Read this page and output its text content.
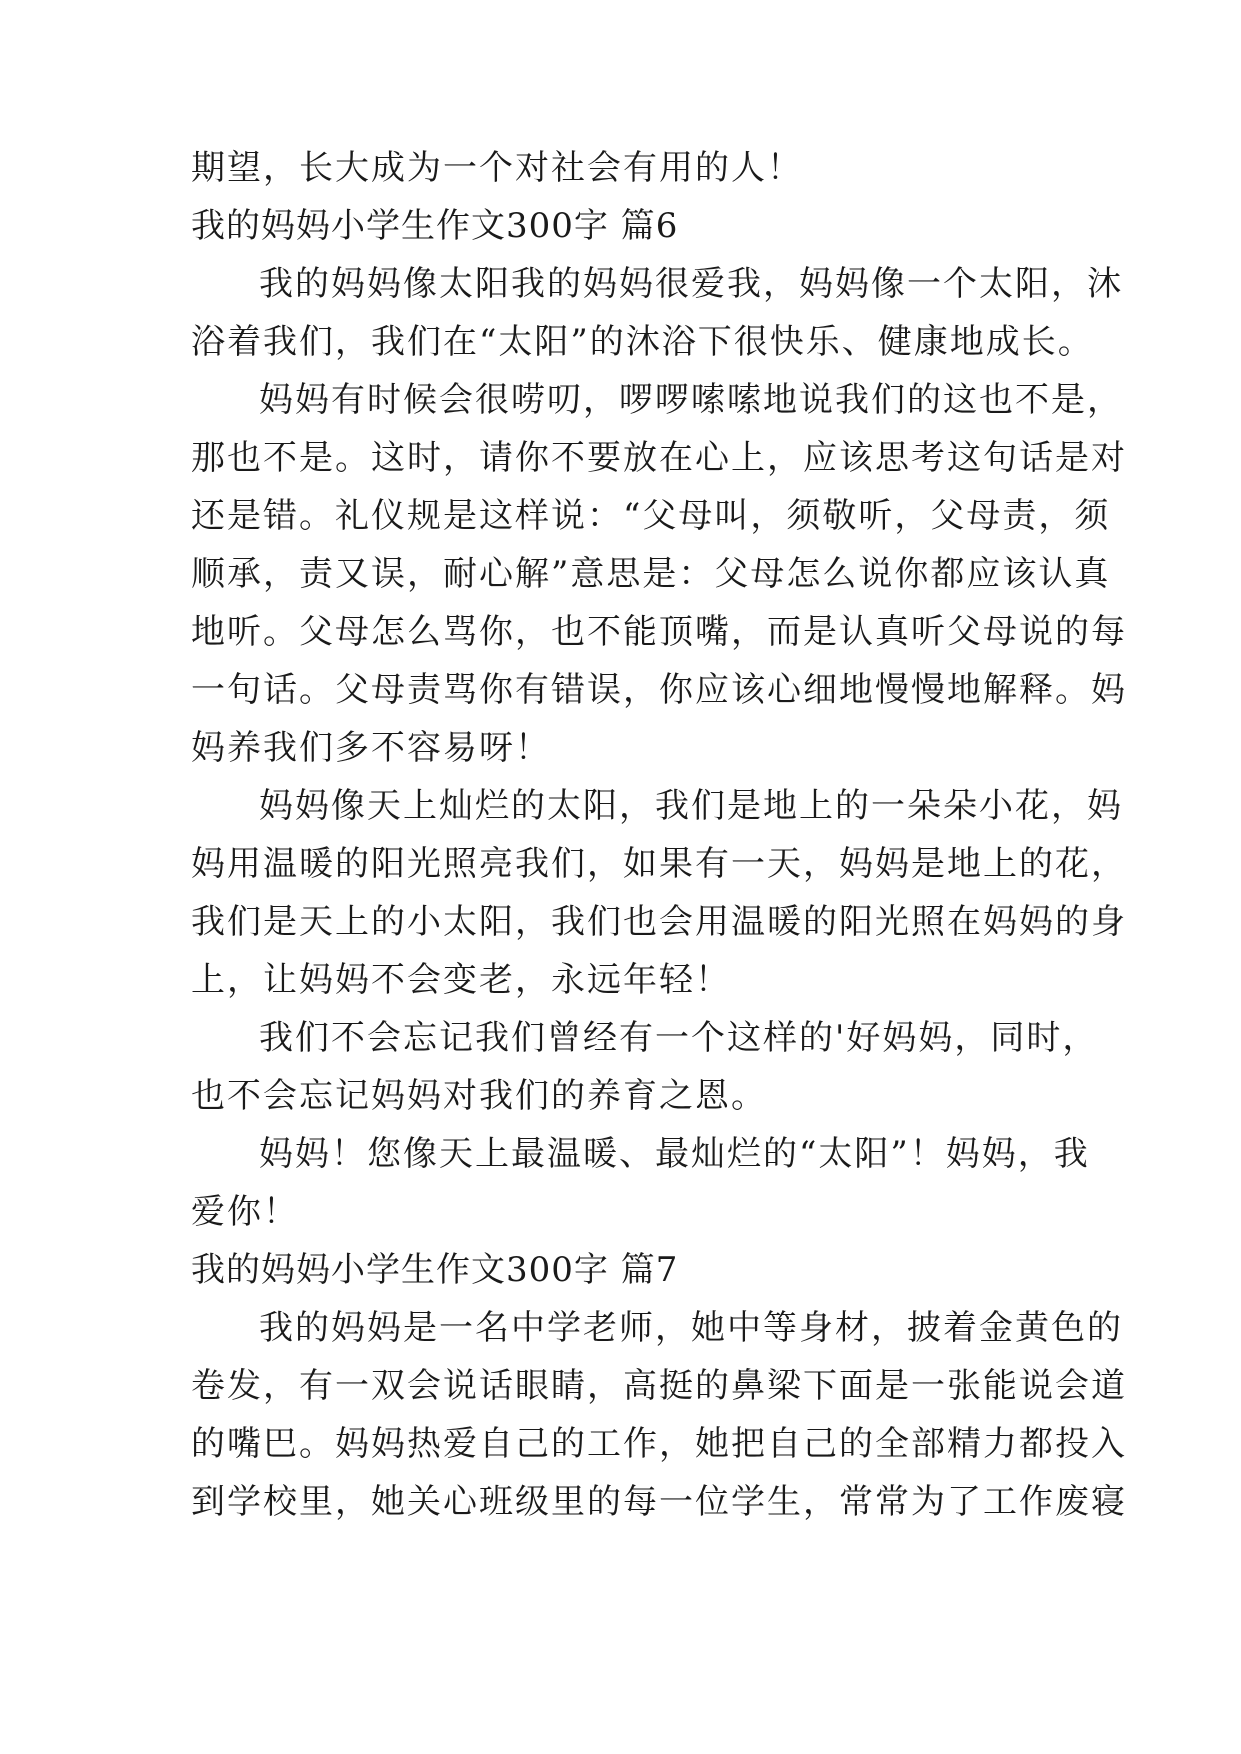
期望，长大成为一个对社会有用的人！
我的妈妈小学生作文300字 篇6
我的妈妈像太阳我的妈妈很爱我，妈妈像一个太阳，沐
浴着我们，我们在“太阳”的沐浴下很快乐、健康地成长。
妈妈有时候会很唠叨，啰啰嗦嗦地说我们的这也不是，
那也不是。这时，请你不要放在心上，应该思考这句话是对
还是错。礼仪规是这样说：“父母叫，须敬听，父母责，须
顺承，责又误，耐心解”意思是：父母怎么说你都应该认真
地听。父母怎么骂你，也不能顶嘴，而是认真听父母说的每
一句话。父母责骂你有错误，你应该心细地慢慢地解释。妈
妈养我们多不容易呀！
妈妈像天上灿烂的太阳，我们是地上的一朵朵小花，妈
妈用温暖的阳光照亮我们，如果有一天，妈妈是地上的花，
我们是天上的小太阳，我们也会用温暖的阳光照在妈妈的身
上，让妈妈不会变老，永远年轻！
我们不会忘记我们曾经有一个这样的'好妈妈，同时，
也不会忘记妈妈对我们的养育之恩。
妈妈！您像天上最温暖、最灿烂的“太阳”！妈妈，我
爱你！
我的妈妈小学生作文300字 篇7
我的妈妈是一名中学老师，她中等身材，披着金黄色的
卷发，有一双会说话眼睛，高挺的鼻梁下面是一张能说会道
的嘴巴。妈妈热爱自己的工作，她把自己的全部精力都投入
到学校里，她关心班级里的每一位学生，常常为了工作废寝
